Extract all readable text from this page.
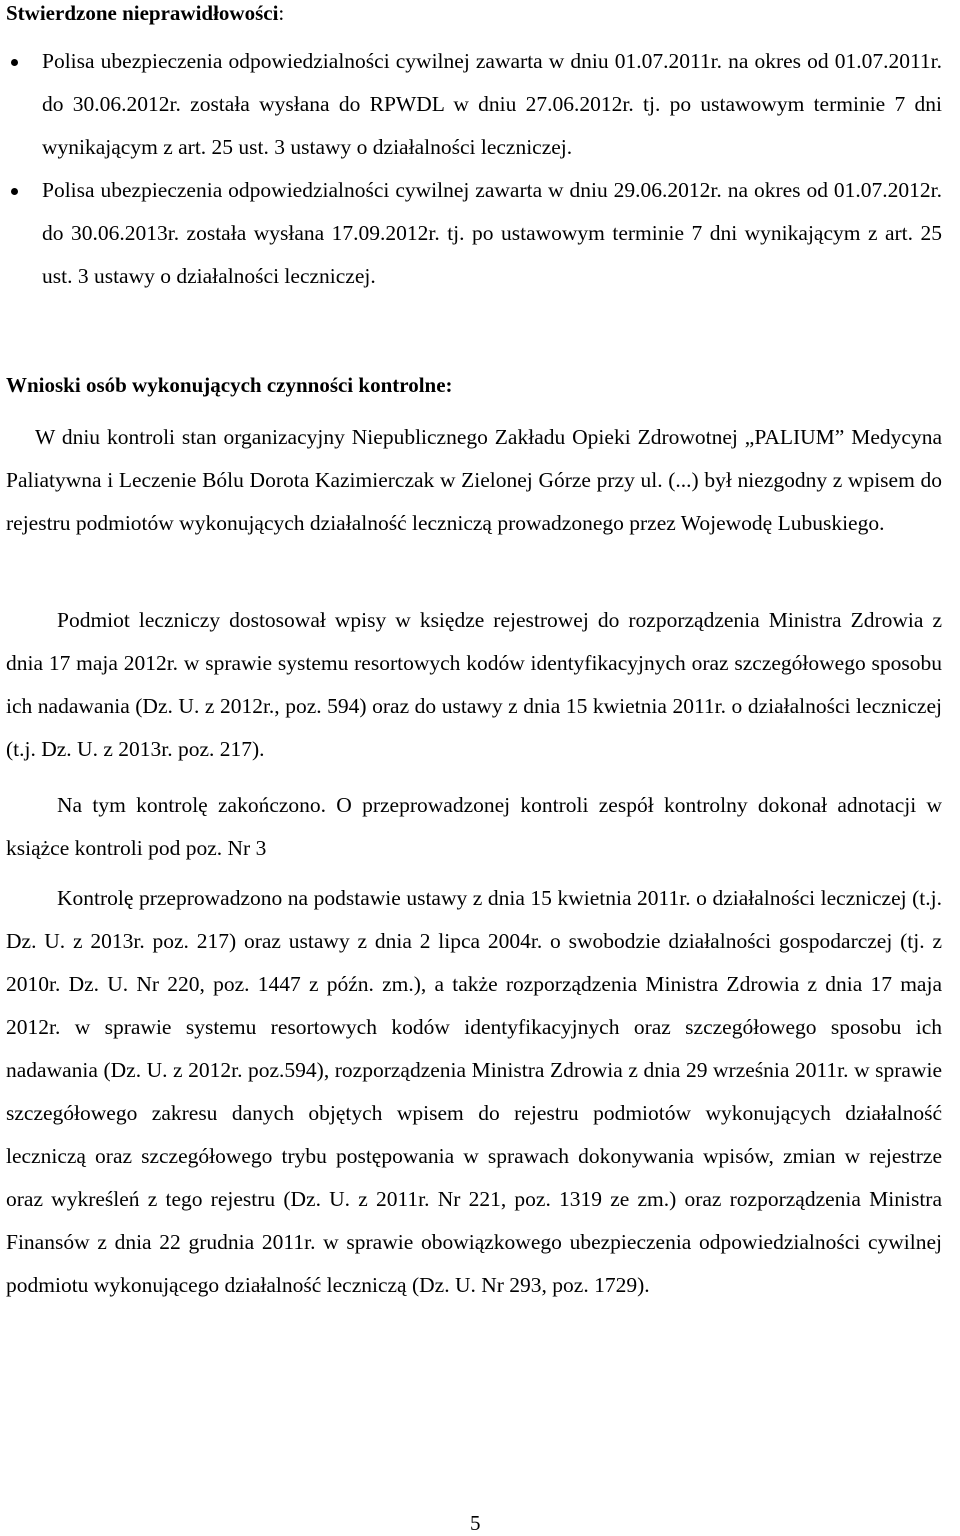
Stwierdzone nieprawidłowości:
Polisa ubezpieczenia odpowiedzialności cywilnej zawarta w dniu 01.07.2011r. na okres od 01.07.2011r. do 30.06.2012r. została wysłana do RPWDL w dniu 27.06.2012r. tj. po ustawowym terminie 7 dni wynikającym z art. 25 ust. 3 ustawy o działalności leczniczej.
Polisa ubezpieczenia odpowiedzialności cywilnej zawarta w dniu 29.06.2012r. na okres od 01.07.2012r. do 30.06.2013r. została wysłana 17.09.2012r. tj. po ustawowym terminie 7 dni wynikającym z art. 25 ust. 3 ustawy o działalności leczniczej.
Wnioski osób wykonujących czynności kontrolne:

W dniu kontroli stan organizacyjny Niepublicznego Zakładu Opieki Zdrowotnej „PALIUM” Medycyna Paliatywna i Leczenie Bólu Dorota Kazimierczak w Zielonej Górze przy ul. (...) był niezgodny z wpisem do rejestru podmiotów wykonujących działalność leczniczą prowadzonego przez Wojewodę Lubuskiego.

Podmiot leczniczy dostosował wpisy w księdze rejestrowej do rozporządzenia Ministra Zdrowia z dnia 17 maja 2012r. w sprawie systemu resortowych kodów identyfikacyjnych oraz szczegółowego sposobu ich nadawania (Dz. U. z 2012r., poz. 594) oraz do ustawy z dnia 15 kwietnia 2011r. o działalności leczniczej (t.j. Dz. U. z 2013r. poz. 217).

Na tym kontrolę zakończono. O przeprowadzonej kontroli zespół kontrolny dokonał adnotacji w książce kontroli pod poz. Nr 3

Kontrolę przeprowadzono na podstawie ustawy z dnia 15 kwietnia 2011r. o działalności leczniczej (t.j. Dz. U. z 2013r. poz. 217) oraz ustawy z dnia 2 lipca 2004r. o swobodzie działalności gospodarczej (tj. z 2010r. Dz. U. Nr 220, poz. 1447 z późn. zm.), a także rozporządzenia Ministra Zdrowia z dnia 17 maja 2012r. w sprawie systemu resortowych kodów identyfikacyjnych oraz szczegółowego sposobu ich nadawania (Dz. U. z 2012r. poz.594), rozporządzenia Ministra Zdrowia z dnia 29 września 2011r. w sprawie szczegółowego zakresu danych objętych wpisem do rejestru podmiotów wykonujących działalność leczniczą oraz szczegółowego trybu postępowania w sprawach dokonywania wpisów, zmian w rejestrze oraz wykreśleń z tego rejestru (Dz. U. z 2011r. Nr 221, poz. 1319 ze zm.) oraz rozporządzenia Ministra Finansów z dnia 22 grudnia 2011r. w sprawie obowiązkowego ubezpieczenia odpowiedzialności cywilnej podmiotu wykonującego działalność leczniczą (Dz. U. Nr 293, poz. 1729).

5
